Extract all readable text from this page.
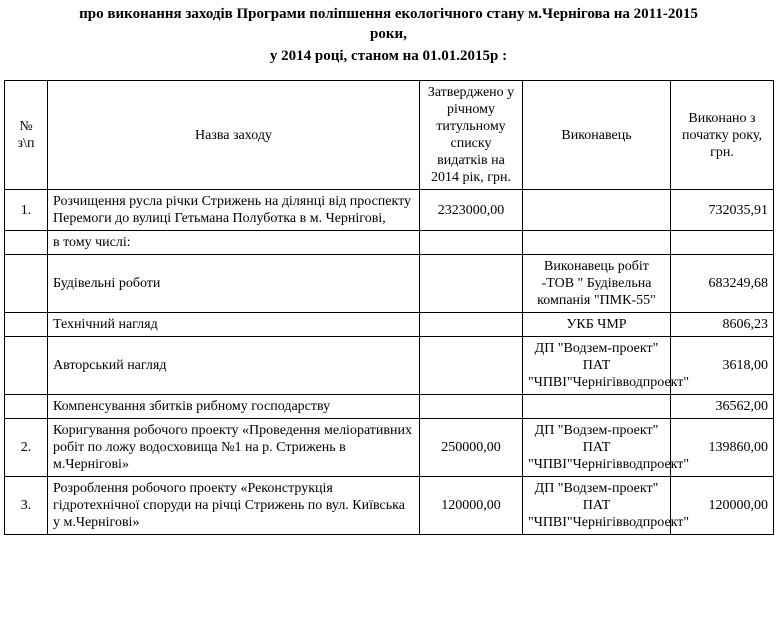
про виконання заходів Програми поліпшення екологічного стану м.Чернігова на 2011-2015
роки,
у 2014 році, станом на 01.01.2015р :
№ з\п	Назва заходу	Затверджено у річному титульному списку видатків на 2014 рік, грн.	Виконавець	Виконано з початку року, грн.
1.	Розчищення русла річки Стрижень на ділянці від проспекту Перемоги до вулиці Гетьмана Полуботка в м. Чернігові,	2323000,00		732035,91
	в тому числі:			
	Будівельні роботи		Виконавець робіт -ТОВ " Будівельна компанія "ПМК-55"	683249,68
	Технічний нагляд		УКБ ЧМР	8606,23
	Авторський нагляд		ДП "Водзем-проект" ПАТ "ЧПВІ"Чернігівводпроект"	3618,00
	Компенсування збитків рибному господарству			36562,00
2.	Коригування робочого проекту «Проведення меліоративних робіт по ложу водосховища №1 на р. Стрижень в м.Чернігові»	250000,00	ДП "Водзем-проект" ПАТ "ЧПВІ"Чернігівводпроект"	139860,00
3.	Розроблення робочого проекту «Реконструкція гідротехнічної споруди на річці Стрижень по вул. Київська у м.Чернігові»	120000,00	ДП "Водзем-проект" ПАТ "ЧПВІ"Чернігівводпроект"	120000,00
